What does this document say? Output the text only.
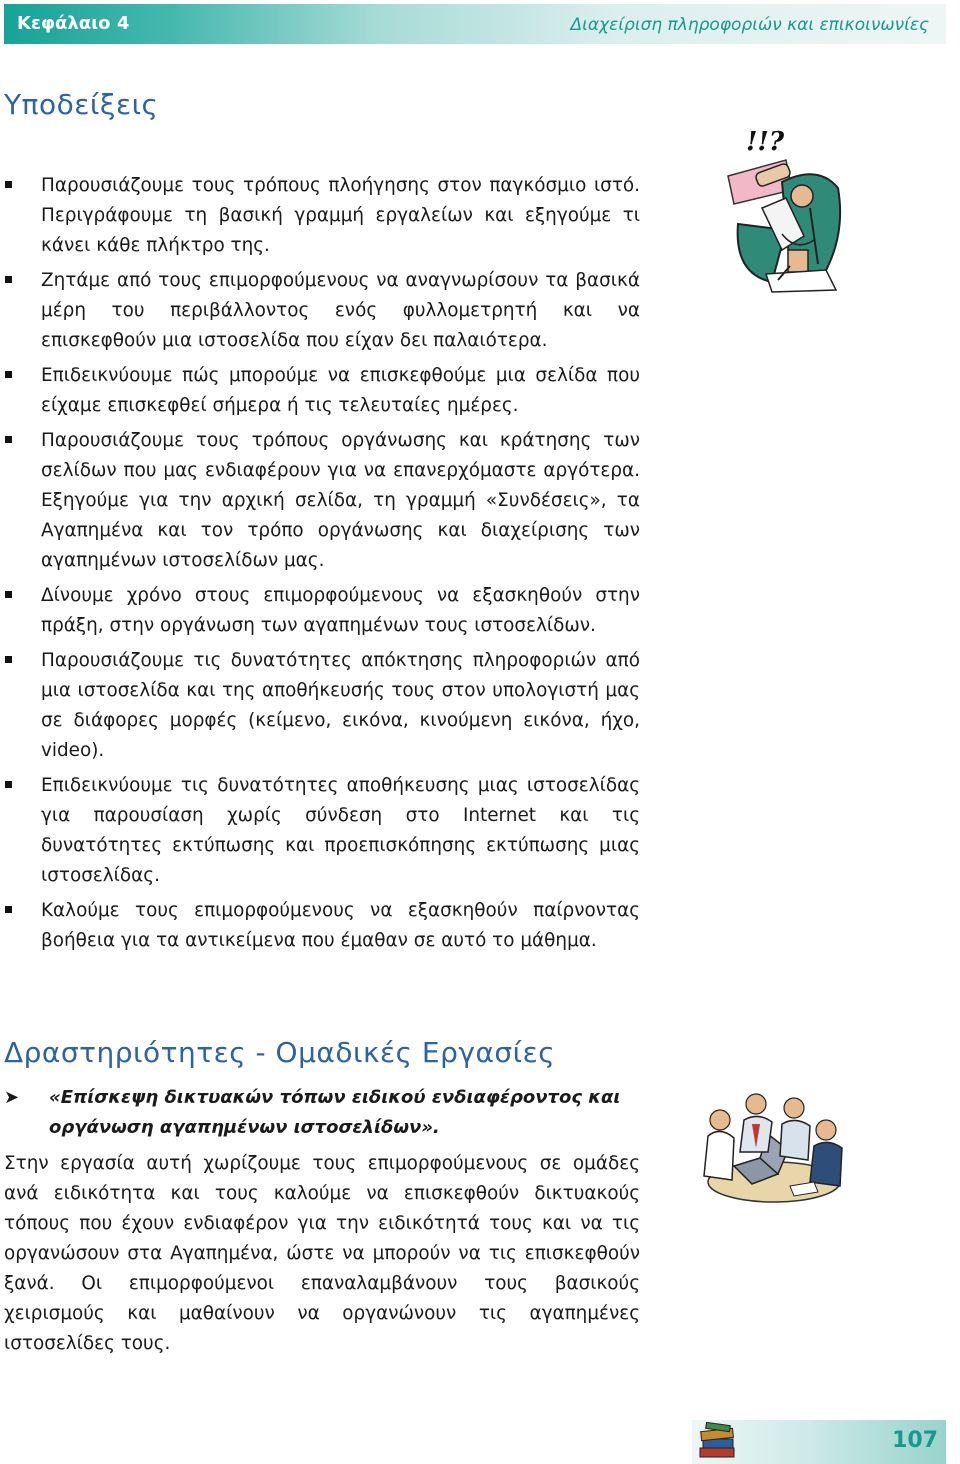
Κεφάλαιο 4	Διαχείριση πληροφοριών και επικοινωνίες
Υποδείξεις
Παρουσιάζουμε τους τρόπους πλοήγησης στον παγκόσμιο ιστό. Περιγράφουμε τη βασική γραμμή εργαλείων και εξηγούμε τι κάνει κάθε πλήκτρο της.
Ζητάμε από τους επιμορφούμενους να αναγνωρίσουν τα βασικά μέρη του περιβάλλοντος ενός φυλλομετρητή και να επισκεφθούν μια ιστοσελίδα που είχαν δει παλαιότερα.
Επιδεικνύουμε πώς μπορούμε να επισκεφθούμε μια σελίδα που είχαμε επισκεφθεί σήμερα ή τις τελευταίες ημέρες.
Παρουσιάζουμε τους τρόπους οργάνωσης και κράτησης των σελίδων που μας ενδιαφέρουν για να επανερχόμαστε αργότερα. Εξηγούμε για την αρχική σελίδα, τη γραμμή «Συνδέσεις», τα Αγαπημένα και τον τρόπο οργάνωσης και διαχείρισης των αγαπημένων ιστοσελίδων μας.
Δίνουμε χρόνο στους επιμορφούμενους να εξασκηθούν στην πράξη, στην οργάνωση των αγαπημένων τους ιστοσελίδων.
Παρουσιάζουμε τις δυνατότητες απόκτησης πληροφοριών από μια ιστοσελίδα και της αποθήκευσής τους στον υπολογιστή μας σε διάφορες μορφές (κείμενο, εικόνα, κινούμενη εικόνα, ήχο, video).
Επιδεικνύουμε τις δυνατότητες αποθήκευσης μιας ιστοσελίδας για παρουσίαση χωρίς σύνδεση στο Internet και τις δυνατότητες εκτύπωσης και προεπισκόπησης εκτύπωσης μιας ιστοσελίδας.
Καλούμε τους επιμορφούμενους να εξασκηθούν παίρνοντας βοήθεια για τα αντικείμενα που έμαθαν σε αυτό το μάθημα.
!!?
Δραστηριότητες - Ομαδικές Εργασίες
➤ «Επίσκεψη δικτυακών τόπων ειδικού ενδιαφέροντος και οργάνωση αγαπημένων ιστοσελίδων».

Στην εργασία αυτή χωρίζουμε τους επιμορφούμενους σε ομάδες ανά ειδικότητα και τους καλούμε να επισκεφθούν δικτυακούς τόπους που έχουν ενδιαφέρον για την ειδικότητά τους και να τις οργανώσουν στα Αγαπημένα, ώστε να μπορούν να τις επισκεφθούν ξανά. Οι επιμορφούμενοι επαναλαμβάνουν τους βασικούς χειρισμούς και μαθαίνουν να οργανώνουν τις αγαπημένες ιστοσελίδες τους.

107
